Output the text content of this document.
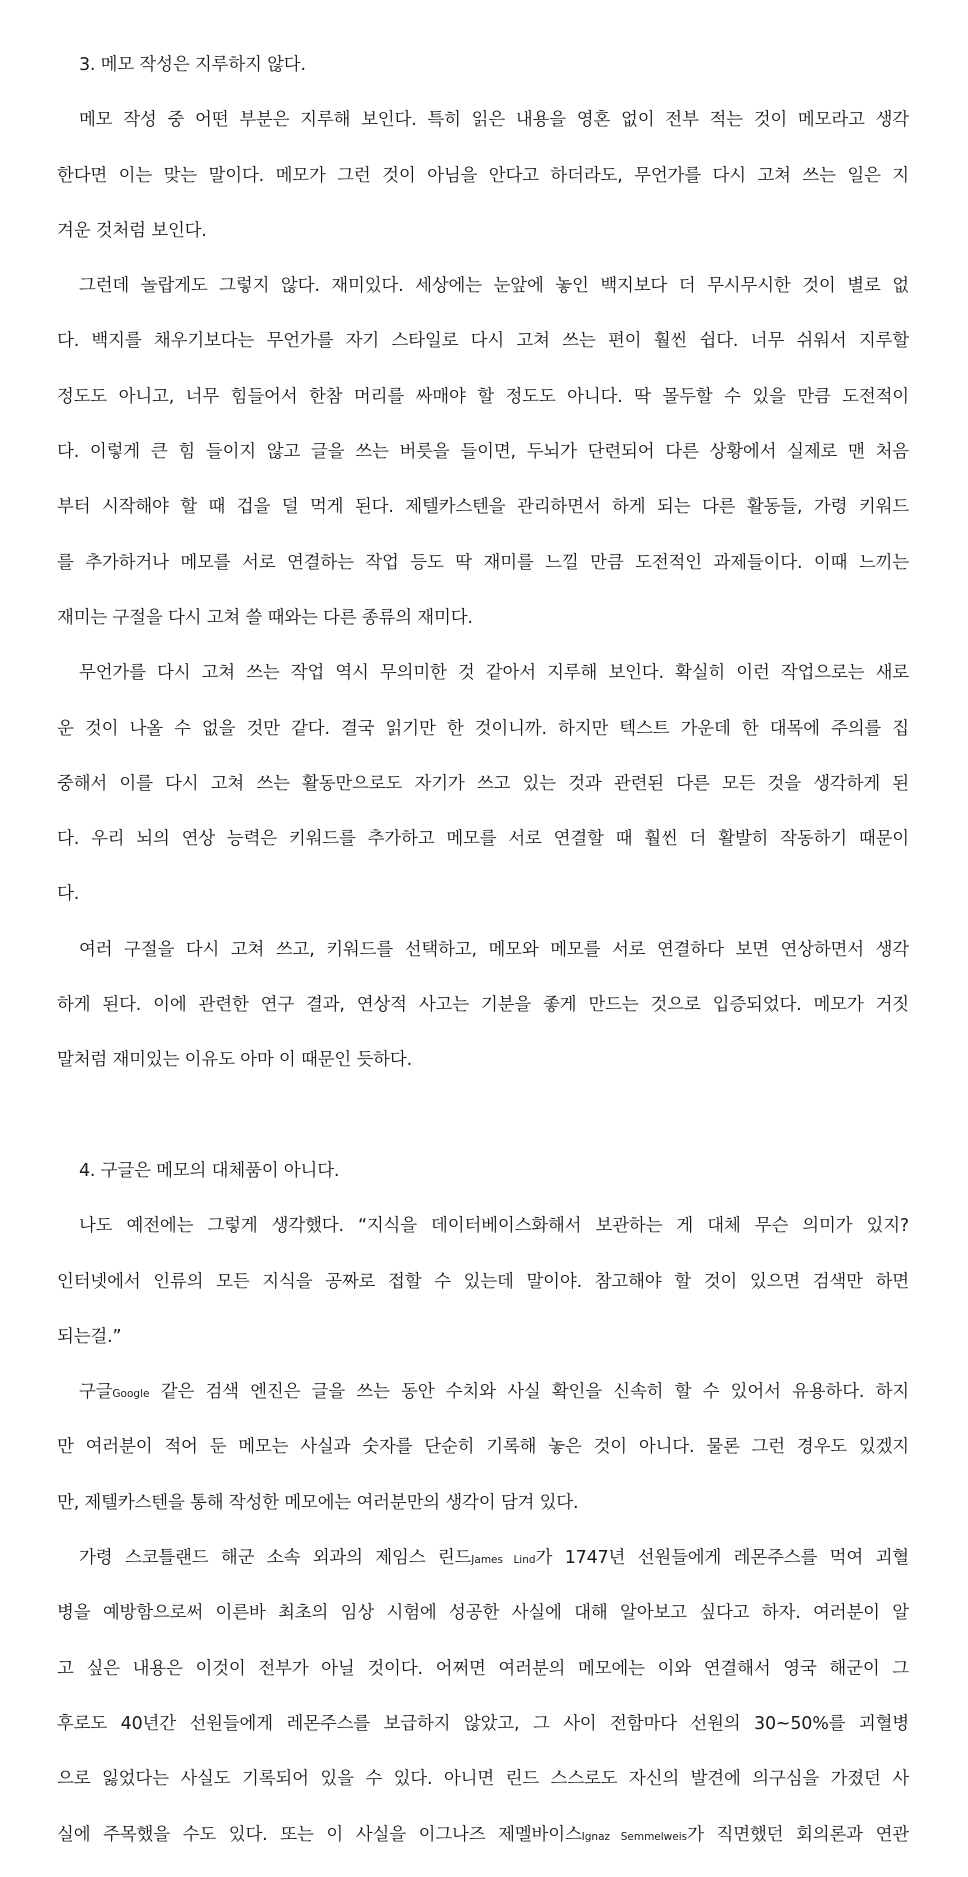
3. 메모 작성은 지루하지 않다.
메모 작성 중 어떤 부분은 지루해 보인다. 특히 읽은 내용을 영혼 없이 전부 적는 것이 메모라고 생각
한다면 이는 맞는 말이다. 메모가 그런 것이 아님을 안다고 하더라도, 무언가를 다시 고쳐 쓰는 일은 지
겨운 것처럼 보인다.
그런데 놀랍게도 그렇지 않다. 재미있다. 세상에는 눈앞에 놓인 백지보다 더 무시무시한 것이 별로 없
다. 백지를 채우기보다는 무언가를 자기 스타일로 다시 고쳐 쓰는 편이 훨씬 쉽다. 너무 쉬워서 지루할
정도도 아니고, 너무 힘들어서 한참 머리를 싸매야 할 정도도 아니다. 딱 몰두할 수 있을 만큼 도전적이
다. 이렇게 큰 힘 들이지 않고 글을 쓰는 버릇을 들이면, 두뇌가 단련되어 다른 상황에서 실제로 맨 처음
부터 시작해야 할 때 겁을 덜 먹게 된다. 제텔카스텐을 관리하면서 하게 되는 다른 활동들, 가령 키워드
를 추가하거나 메모를 서로 연결하는 작업 등도 딱 재미를 느낄 만큼 도전적인 과제들이다. 이때 느끼는
재미는 구절을 다시 고쳐 쓸 때와는 다른 종류의 재미다.
무언가를 다시 고쳐 쓰는 작업 역시 무의미한 것 같아서 지루해 보인다. 확실히 이런 작업으로는 새로
운 것이 나올 수 없을 것만 같다. 결국 읽기만 한 것이니까. 하지만 텍스트 가운데 한 대목에 주의를 집
중해서 이를 다시 고쳐 쓰는 활동만으로도 자기가 쓰고 있는 것과 관련된 다른 모든 것을 생각하게 된
다. 우리 뇌의 연상 능력은 키워드를 추가하고 메모를 서로 연결할 때 훨씬 더 활발히 작동하기 때문이
다.
여러 구절을 다시 고쳐 쓰고, 키워드를 선택하고, 메모와 메모를 서로 연결하다 보면 연상하면서 생각
하게 된다. 이에 관련한 연구 결과, 연상적 사고는 기분을 좋게 만드는 것으로 입증되었다. 메모가 거짓
말처럼 재미있는 이유도 아마 이 때문인 듯하다.
4. 구글은 메모의 대체품이 아니다.
나도 예전에는 그렇게 생각했다. “지식을 데이터베이스화해서 보관하는 게 대체 무슨 의미가 있지?
인터넷에서 인류의 모든 지식을 공짜로 접할 수 있는데 말이야. 참고해야 할 것이 있으면 검색만 하면
되는걸.”
구글Google 같은 검색 엔진은 글을 쓰는 동안 수치와 사실 확인을 신속히 할 수 있어서 유용하다. 하지
만 여러분이 적어 둔 메모는 사실과 숫자를 단순히 기록해 놓은 것이 아니다. 물론 그런 경우도 있겠지
만, 제텔카스텐을 통해 작성한 메모에는 여러분만의 생각이 담겨 있다.
가령 스코틀랜드 해군 소속 외과의 제임스 린드James Lind가 1747년 선원들에게 레몬주스를 먹여 괴혈
병을 예방함으로써 이른바 최초의 임상 시험에 성공한 사실에 대해 알아보고 싶다고 하자. 여러분이 알
고 싶은 내용은 이것이 전부가 아닐 것이다. 어쩌면 여러분의 메모에는 이와 연결해서 영국 해군이 그
후로도 40년간 선원들에게 레몬주스를 보급하지 않았고, 그 사이 전함마다 선원의 30~50%를 괴혈병
으로 잃었다는 사실도 기록되어 있을 수 있다. 아니면 린드 스스로도 자신의 발견에 의구심을 가졌던 사
실에 주목했을 수도 있다. 또는 이 사실을 이그나즈 제멜바이스Ignaz Semmelweis가 직면했던 회의론과 연관
